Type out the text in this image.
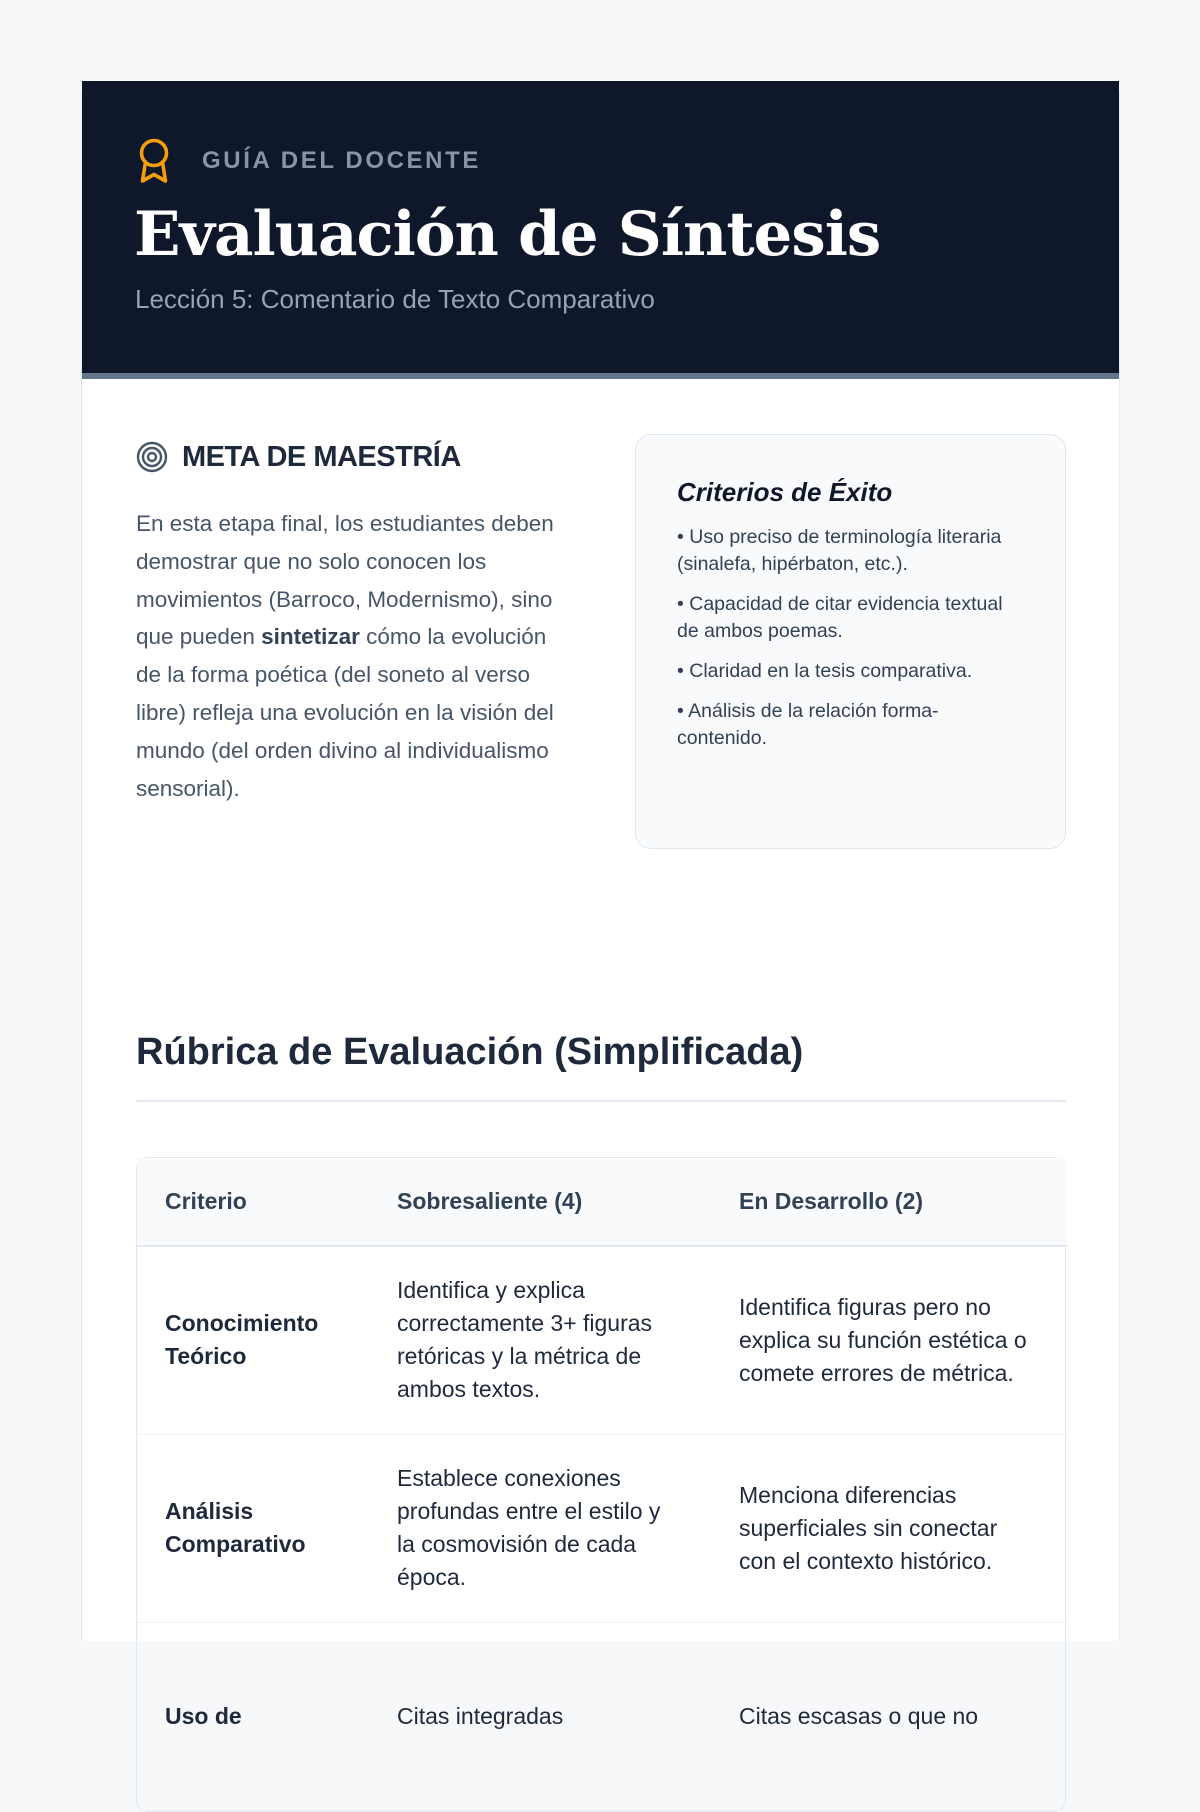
GUÍA DEL DOCENTE
Evaluación de Síntesis
Lección 5: Comentario de Texto Comparativo
META DE MAESTRÍA

En esta etapa final, los estudiantes deben demostrar que no solo conocen los movimientos (Barroco, Modernismo), sino que pueden sintetizar cómo la evolución de la forma poética (del soneto al verso libre) refleja una evolución en la visión del mundo (del orden divino al individualismo sensorial).

Criterios de Éxito
• Uso preciso de terminología literaria (sinalefa, hipérbaton, etc.).
• Capacidad de citar evidencia textual de ambos poemas.
• Claridad en la tesis comparativa.
• Análisis de la relación forma-contenido.
Rúbrica de Evaluación (Simplificada)
Criterio	Sobresaliente (4)	En Desarrollo (2)
Conocimiento Teórico	Identifica y explica correctamente 3+ figuras retóricas y la métrica de ambos textos.	Identifica figuras pero no explica su función estética o comete errores de métrica.
Análisis Comparativo	Establece conexiones profundas entre el estilo y la cosmovisión de cada época.	Menciona diferencias superficiales sin conectar con el contexto histórico.
Uso de	Citas integradas	Citas escasas o que no
